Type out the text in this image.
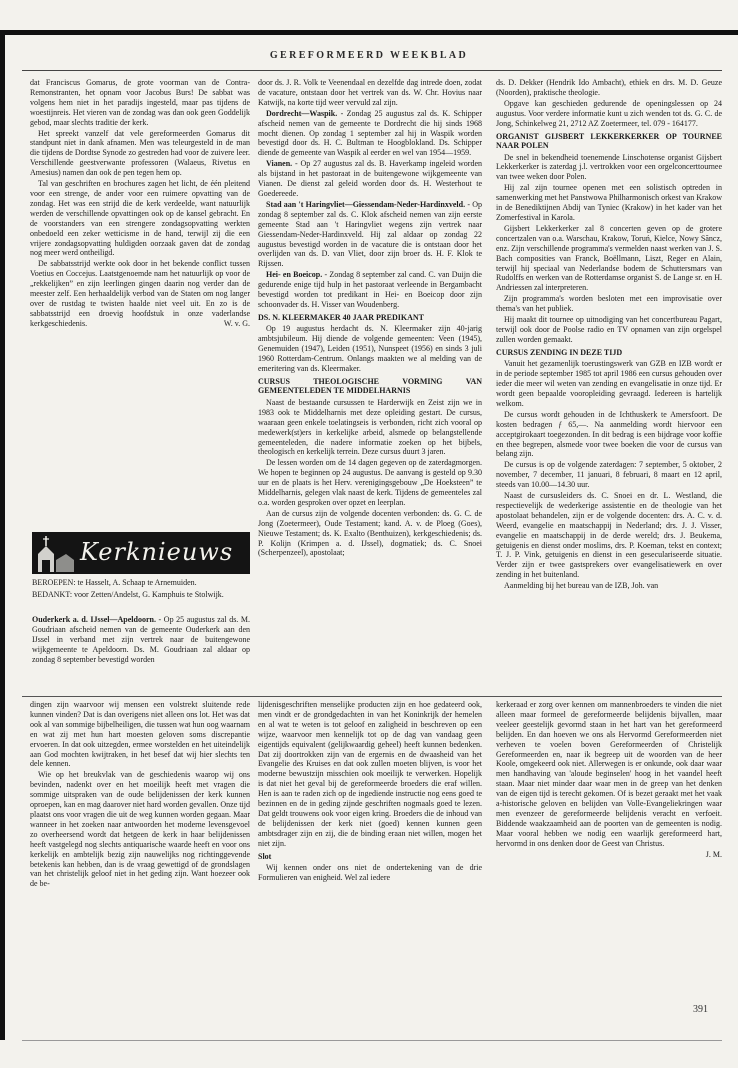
GEREFORMEERD WEEKBLAD

dat Franciscus Gomarus, de grote voorman van de Contra-Remonstranten, het opnam voor Jacobus Burs! De sabbat was volgens hem niet in het paradijs ingesteld, maar pas tijdens de woestijnreis. Het vieren van de zondag was dan ook geen Goddelijk gebod, maar slechts traditie der kerk.

Het spreekt vanzelf dat vele gereformeerden Gomarus dit standpunt niet in dank afnamen. Men was teleurgesteld in de man die tijdens de Dordtse Synode zo gestreden had voor de zuivere leer. Verschillende geestverwante professoren (Walaeus, Rivetus en Amesius) namen dan ook de pen tegen hem op.

Tal van geschriften en brochures zagen het licht, de één pleitend voor een strenge, de ander voor een ruimere opvatting van de zondag. Het was een strijd die de kerk verdeelde, want natuurlijk werden de verschillende opvattingen ook op de kansel gebracht. En de voorstanders van een strengere zondagsopvatting werkten onbedoeld een zeker wetticisme in de hand, terwijl zij die een vrijere zondagsopvatting huldigden oorzaak gaven dat de zondag nog meer werd ontheiligd.

De sabbatsstrijd werkte ook door in het bekende conflict tussen Voetius en Coccejus. Laatstgenoemde nam het natuurlijk op voor de „rekkelijken” en zijn leerlingen gingen daarin nog verder dan de meester zelf. Een herhaaldelijk verbod van de Staten om nog langer over de rustdag te twisten haalde niet veel uit. En zo is de sabbatsstrijd een droevig hoofdstuk in onze vaderlandse kerkgeschiedenis.	W. v. G.

Kerknieuws

BEROEPEN: te Hasselt, A. Schaap te Arnemuiden.

BEDANKT: voor Zetten/Andelst, G. Kamphuis te Stolwijk.

Ouderkerk a. d. IJssel—Apeldoorn. - Op 25 augustus zal ds. M. Goudriaan afscheid nemen van de gemeente Ouderkerk aan den IJssel in verband met zijn vertrek naar de buitengewone wijkgemeente te Apeldoorn. Ds. M. Goudriaan zal aldaar op zondag 8 september bevestigd worden

door ds. J. R. Volk te Veenendaal en dezelfde dag intrede doen, zodat de vacature, ontstaan door het vertrek van ds. W. Chr. Hovius naar Katwijk, na korte tijd weer vervuld zal zijn.

Dordrecht—Waspik. - Zondag 25 augustus zal ds. K. Schipper afscheid nemen van de gemeente te Dordrecht die hij sinds 1968 mocht dienen. Op zondag 1 september zal hij in Waspik worden bevestigd door ds. H. C. Bultman te Hoogblokland. Ds. Schipper diende de gemeente van Waspik al eerder en wel van 1954—1959.

Vianen. - Op 27 augustus zal ds. B. Haverkamp ingeleid worden als bijstand in het pastoraat in de buitengewone wijkgemeente van Vianen. De dienst zal geleid worden door ds. H. Westerhout te Goedereede.

Stad aan 't Haringvliet—Giessendam-Neder-Hardinxveld. - Op zondag 8 september zal ds. C. Klok afscheid nemen van zijn eerste gemeente Stad aan 't Haringvliet wegens zijn vertrek naar Giessendam-Neder-Hardinxveld. Hij zal aldaar op zondag 22 augustus bevestigd worden in de vacature die is ontstaan door het overlijden van ds. D. van Vliet, door zijn broer ds. H. F. Klok te Rijssen.

Hei- en Boeicop. - Zondag 8 september zal cand. C. van Duijn die gedurende enige tijd hulp in het pastoraat verleende in Bergambacht bevestigd worden tot predikant in Hei- en Boeicop door zijn schoonvader ds. H. Visser van Woudenberg.

DS. N. KLEERMAKER 40 JAAR PREDIKANT

Op 19 augustus herdacht ds. N. Kleermaker zijn 40-jarig ambtsjubileum. Hij diende de volgende gemeenten: Veen (1945), Genemuiden (1947), Leiden (1951), Nunspeet (1956) en sinds 3 juli 1960 Rotterdam-Centrum. Onlangs maakten we al melding van de emeritering van ds. Kleermaker.

CURSUS THEOLOGISCHE VORMING VAN GEMEENTELEDEN TE MIDDELHARNIS

Naast de bestaande cursussen te Harderwijk en Zeist zijn we in 1983 ook te Middelharnis met deze opleiding gestart. De cursus, waaraan geen enkele toelatingseis is verbonden, richt zich vooral op medewerk(st)ers in kerkelijke arbeid, alsmede op belangstellende gemeenteleden, die nadere informatie zoeken op het bijbels, theologisch en kerkelijk terrein. Deze cursus duurt 3 jaren.

De lessen worden om de 14 dagen gegeven op de zaterdagmorgen. We hopen te beginnen op 24 augustus. De aanvang is gesteld op 9.30 uur en de plaats is het Herv. verenigingsgebouw „De Hoeksteen” te Middelharnis, gelegen vlak naast de kerk. Tijdens de gemeenteles zal o.a. worden gesproken over opzet en leerplan.

Aan de cursus zijn de volgende docenten verbonden: ds. G. C. de Jong (Zoetermeer), Oude Testament; kand. A. v. de Ploeg (Goes), Nieuwe Testament; ds. K. Exalto (Benthuizen), kerkgeschiedenis; ds. P. Kolijn (Krimpen a. d. IJssel), dogmatiek; ds. C. Snoei (Scherpenzeel), apostolaat;

ds. D. Dekker (Hendrik Ido Ambacht), ethiek en drs. M. D. Geuze (Noorden), praktische theologie.

Opgave kan geschieden gedurende de openingslessen op 24 augustus. Voor verdere informatie kunt u zich wenden tot ds. G. C. de Jong, Schinkelweg 21, 2712 AZ Zoetermeer, tel. 079 - 164177.

ORGANIST GIJSBERT LEKKERKERKER OP TOURNEE NAAR POLEN

De snel in bekendheid toenemende Linschotense organist Gijsbert Lekkerkerker is zaterdag j.l. vertrokken voor een orgelconcerttournee van twee weken door Polen.

Hij zal zijn tournee openen met een solistisch optreden in samenwerking met het Panstwowa Philharmonisch orkest van Krakow in de Benediktijnen Abdij van Tyniec (Krakow) in het kader van het Zomerfestival in Karola.

Gijsbert Lekkerkerker zal 8 concerten geven op de grotere concertzalen van o.a. Warschau, Krakow, Toruń, Kielce, Nowy Sãncz, enz. Zijn verschillende programma's vermelden naast werken van J. S. Bach composities van Franck, Boëllmann, Liszt, Reger en Alain, terwijl hij speciaal van Nederlandse bodem de Schuttersmars van Rudolffs en werken van de Rotterdamse organist S. de Lange sr. en H. Andriessen zal interpreteren.

Zijn programma's worden besloten met een improvisatie over thema's van het publiek.

Hij maakt dit tournee op uitnodiging van het concertbureau Pagart, terwijl ook door de Poolse radio en TV opnamen van zijn orgelspel zullen worden gemaakt.

CURSUS ZENDING IN DEZE TIJD

Vanuit het gezamenlijk toerustingswerk van GZB en IZB wordt er in de periode september 1985 tot april 1986 een cursus gehouden over ieder die meer wil weten van zending en evangelisatie in onze tijd. Er wordt geen bepaalde vooropleiding gevraagd. Iedereen is hartelijk welkom.

De cursus wordt gehouden in de Ichthuskerk te Amersfoort. De kosten bedragen ƒ 65,—. Na aanmelding wordt hiervoor een acceptgirokaart toegezonden. In dit bedrag is een bijdrage voor koffie en thee begrepen, alsmede voor twee boeken die voor de cursus van belang zijn.

De cursus is op de volgende zaterdagen: 7 september, 5 oktober, 2 november, 7 december, 11 januari, 8 februari, 8 maart en 12 april, steeds van 10.00—14.30 uur.

Naast de cursusleiders ds. C. Snoei en dr. L. Westland, die respectievelijk de wederkerige assistentie en de theologie van het apostolaat behandelen, zijn er de volgende docenten: drs. A. C. v. d. Weerd, evangelie en maatschappij in Nederland; drs. J. J. Visser, evangelie en maatschappij in de derde wereld; drs. J. Beukema, getuigenis en dienst onder moslims, drs. P. Koeman, tekst en context; T. J. P. Vink, getuigenis en dienst in een geseculariseerde situatie. Verder zijn er twee gastsprekers over evangelisatiewerk en over zending in het buitenland.

Aanmelding bij het bureau van de IZB, Joh. van

dingen zijn waarvoor wij mensen een volstrekt sluitende rede kunnen vinden? Dat is dan overigens niet alleen ons lot. Het was dat ook al van sommige bijbelheiligen, die tussen wat hun oog waarnam en wat zij met hun hart moesten geloven soms discrepantie ervoeren. In dat ook uitzegden, ermee worstelden en het uiteindelijk aan God mochten kwijtraken, in het besef dat wij hier slechts ten dele kennen.

Wie op het breukvlak van de geschiedenis waarop wij ons bevinden, nadenkt over en het moeilijk heeft met vragen die sommige uitspraken van de oude belijdenissen der kerk kunnen oproepen, kan en mag daarover niet hard worden gevallen. Onze tijd plaatst ons voor vragen die uit de weg kunnen worden gegaan. Maar wanneer in het zoeken naar antwoorden het moderne levensgevoel zo overheersend wordt dat hetgeen de kerk in haar belijdenissen heeft vastgelegd nog slechts antiquarische waarde heeft en voor ons kerkelijk en ambtelijk bezig zijn nauwelijks nog richtinggevende betekenis kan hebben, dan is de vraag gewettigd of de grondslagen van het christelijk geloof niet in het geding zijn. Want hoezeer ook de be-

lijdenisgeschriften menselijke producten zijn en hoe gedateerd ook, men vindt er de grondgedachten in van het Koninkrijk der hemelen en al wat te weten is tot geloof en zaligheid in beschreven op een wijze, waarvoor men kennelijk tot op de dag van vandaag geen eigentijds equivalent (gelijkwaardig geheel) heeft kunnen bedenken. Dat zij doortrokken zijn van de ergernis en de dwaasheid van het Evangelie des Kruises en dat ook zullen moeten blijven, is voor het moderne bewustzijn misschien ook moeilijk te verwerken. Hopelijk is dat niet het geval bij de gereformeerde broeders die eraf willen. Hen is aan te raden zich op de ingediende instructie nog eens goed te bezinnen en de in geding zijnde geschriften nogmaals goed te lezen. Dat geldt trouwens ook voor eigen kring. Broeders die de inhoud van de belijdenissen der kerk niet (goed) kennen kunnen geen ambtsdrager zijn en zij, die de binding eraan niet willen, mogen het niet zijn.

Slot

Wij kennen onder ons niet de ondertekening van de drie Formulieren van enigheid. Wel zal iedere

kerkeraad er zorg over kennen om mannenbroeders te vinden die niet alleen maar formeel de gereformeerde belijdenis bijvallen, maar veeleer geestelijk gevormd staan in het hart van het gereformeerd belijden. En dan hoeven we ons als Hervormd Gereformeerden niet verheven te voelen boven Gereformeerden of Christelijk Gereformeerden en, naar ik begreep uit de woorden van de heer Koole, omgekeerd ook niet. Allerwegen is er onkunde, ook daar waar men handhaving van 'aloude beginselen' hoog in het vaandel heeft staan. Maar niet minder daar waar men in de greep van het denken van de eigen tijd is terecht gekomen. Of is bezet geraakt met het vaak a-historische geloven en belijden van Volle-Evangeliekringen waar men evenzeer de gereformeerde belijdenis veracht en verfoeit. Biddende waakzaamheid aan de poorten van de gemeenten is nodig. Maar vooral hebben we nodig een waarlijk gereformeerd hart, hervormd in ons denken door de Geest van Christus.

J. M.

391
